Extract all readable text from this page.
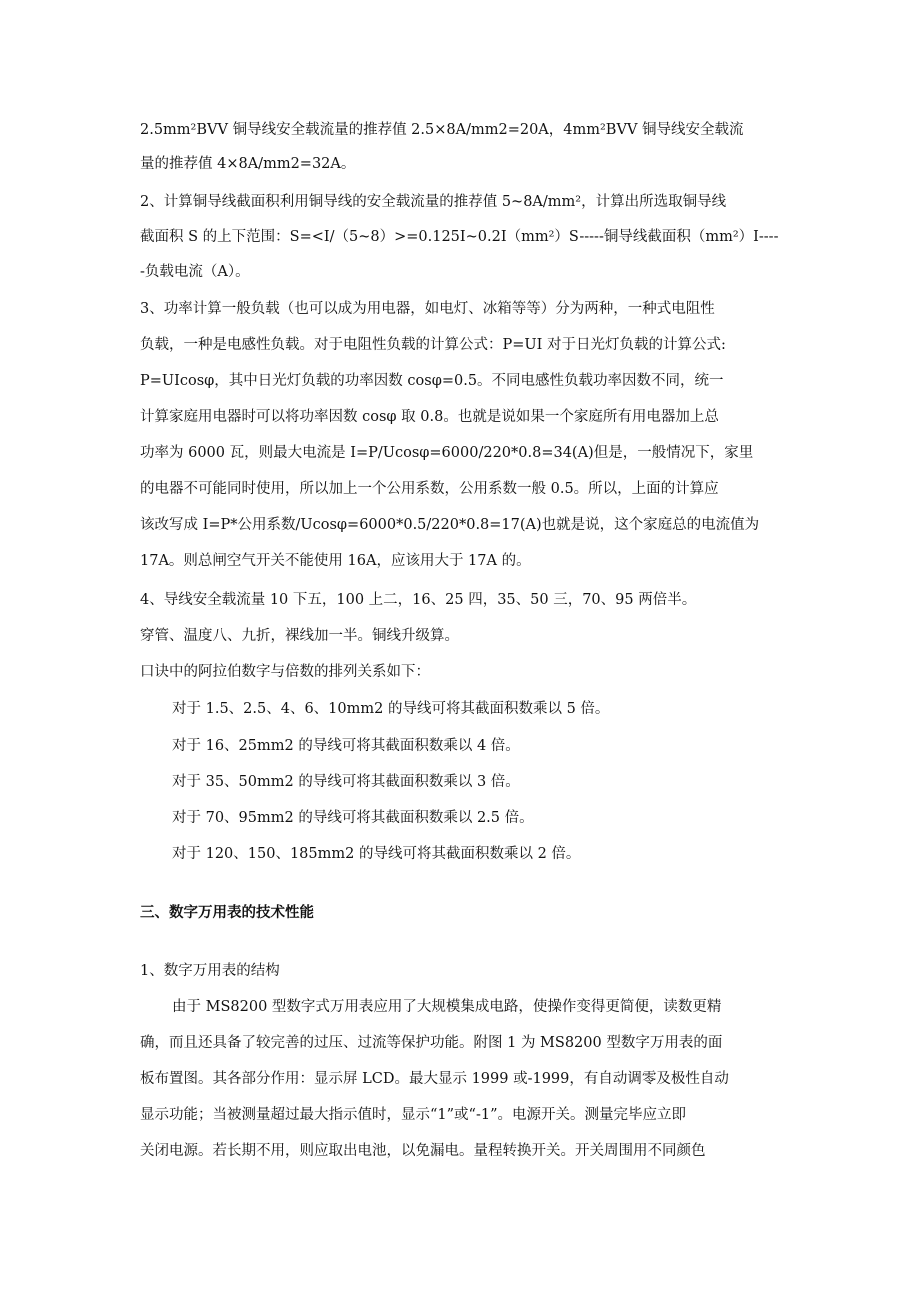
2.5mm²BVV 铜导线安全载流量的推荐值 2.5×8A/mm2=20A，4mm²BVV 铜导线安全载流
量的推荐值 4×8A/mm2=32A。
2、计算铜导线截面积利用铜导线的安全载流量的推荐值 5~8A/mm²，计算出所选取铜导线
截面积 S 的上下范围：S=<I/（5~8）>=0.125I~0.2I（mm²）S-----铜导线截面积（mm²）I----
-负载电流（A）。
3、功率计算一般负载（也可以成为用电器，如电灯、冰箱等等）分为两种，一种式电阻性
负载，一种是电感性负载。对于电阻性负载的计算公式：P=UI 对于日光灯负载的计算公式:
P=UIcosφ，其中日光灯负载的功率因数 cosφ=0.5。不同电感性负载功率因数不同，统一
计算家庭用电器时可以将功率因数 cosφ 取 0.8。也就是说如果一个家庭所有用电器加上总
功率为 6000 瓦，则最大电流是 I=P/Ucosφ=6000/220*0.8=34(A)但是，一般情况下，家里
的电器不可能同时使用，所以加上一个公用系数，公用系数一般 0.5。所以，上面的计算应
该改写成 I=P*公用系数/Ucosφ=6000*0.5/220*0.8=17(A)也就是说，这个家庭总的电流值为
17A。则总闸空气开关不能使用 16A，应该用大于 17A 的。
4、导线安全载流量 10 下五，100 上二，16、25 四，35、50 三，70、95 两倍半。
穿管、温度八、九折，裸线加一半。铜线升级算。
口诀中的阿拉伯数字与倍数的排列关系如下：
对于 1.5、2.5、4、6、10mm2 的导线可将其截面积数乘以 5 倍。
对于 16、25mm2 的导线可将其截面积数乘以 4 倍。
对于 35、50mm2 的导线可将其截面积数乘以 3 倍。
对于 70、95mm2 的导线可将其截面积数乘以 2.5 倍。
对于 120、150、185mm2 的导线可将其截面积数乘以 2 倍。
三、数字万用表的技术性能
1、数字万用表的结构
由于 MS8200 型数字式万用表应用了大规模集成电路，使操作变得更简便，读数更精
确，而且还具备了较完善的过压、过流等保护功能。附图 1 为 MS8200 型数字万用表的面
板布置图。其各部分作用：显示屏 LCD。最大显示 1999 或-1999，有自动调零及极性自动
显示功能；当被测量超过最大指示值时，显示“1”或“-1”。电源开关。测量完毕应立即
关闭电源。若长期不用，则应取出电池，以免漏电。量程转换开关。开关周围用不同颜色
